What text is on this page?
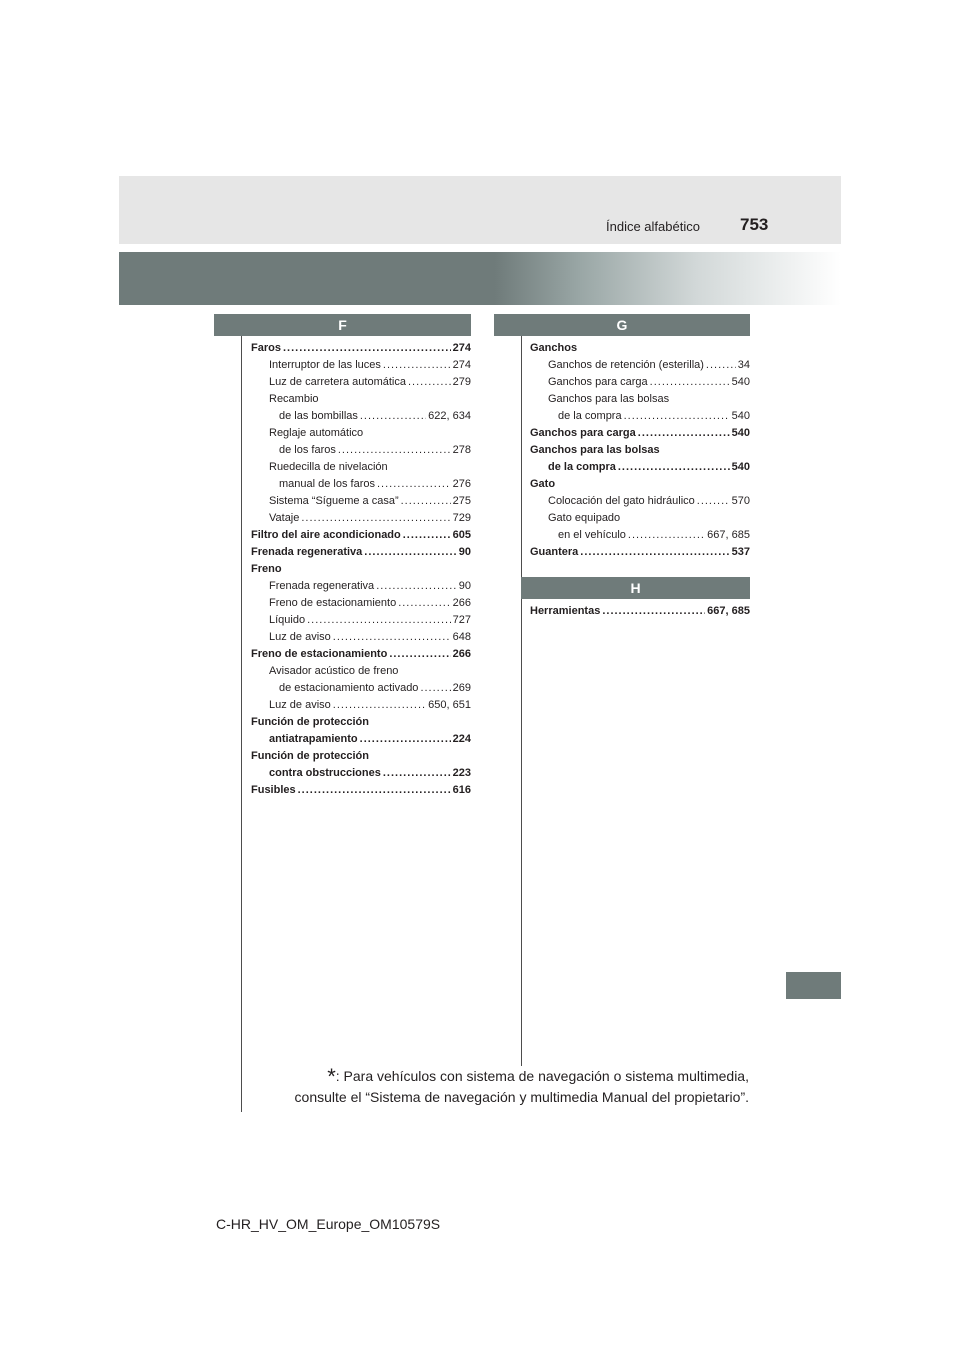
Índice alfabético 753
F
Faros .....	274
Interruptor de las luces .....	274
Luz de carretera automática .....	279
Recambio
de las bombillas .....	622, 634
Reglaje automático
de los faros .....	278
Ruedecilla de nivelación
manual de los faros .....	276
Sistema “Sígueme a casa” .....	275
Vataje .....	729
Filtro del aire acondicionado .....	605
Frenada regenerativa .....	90
Freno
Frenada regenerativa .....	90
Freno de estacionamiento .....	266
Líquido .....	727
Luz de aviso .....	648
Freno de estacionamiento .....	266
Avisador acústico de freno
de estacionamiento activado .....	269
Luz de aviso .....	650, 651
Función de protección
antiatrapamiento .....	224
Función de protección
contra obstrucciones .....	223
Fusibles .....	616
G
Ganchos
Ganchos de retención (esterilla) .....	34
Ganchos para carga .....	540
Ganchos para las bolsas
de la compra .....	540
Ganchos para carga .....	540
Ganchos para las bolsas
de la compra .....	540
Gato
Colocación del gato hidráulico .....	570
Gato equipado
en el vehículo .....	667, 685
Guantera .....	537
H
Herramientas .....	667, 685
*: Para vehículos con sistema de navegación o sistema multimedia,
consulte el “Sistema de navegación y multimedia Manual del propietario”.
C-HR_HV_OM_Europe_OM10579S
